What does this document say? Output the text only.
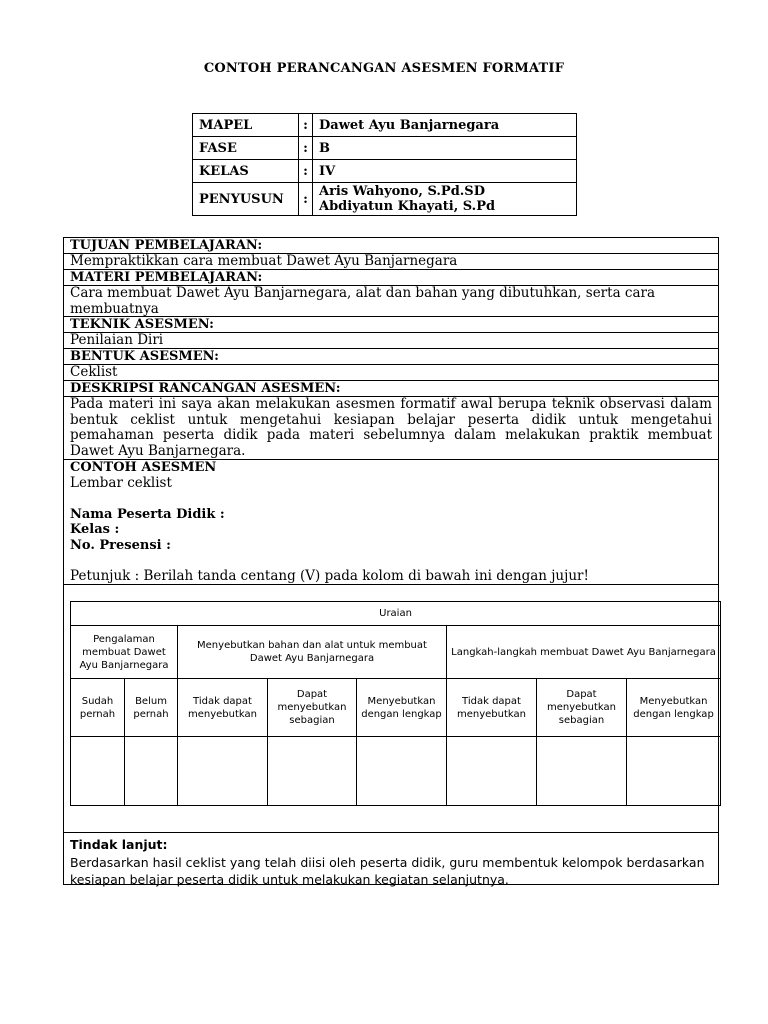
CONTOH PERANCANGAN ASESMEN FORMATIF
MAPEL	:	Dawet Ayu Banjarnegara
FASE	:	B
KELAS	:	IV
PENYUSUN	:	Aris Wahyono, S.Pd.SD
Abdiyatun Khayati, S.Pd
TUJUAN PEMBELAJARAN:
Mempraktikkan cara membuat Dawet Ayu Banjarnegara
MATERI PEMBELAJARAN:
Cara membuat Dawet Ayu Banjarnegara, alat dan bahan yang dibutuhkan, serta cara membuatnya
TEKNIK ASESMEN:
Penilaian Diri
BENTUK ASESMEN:
Ceklist
DESKRIPSI RANCANGAN ASESMEN:
Pada materi ini saya akan melakukan asesmen formatif awal berupa teknik observasi dalam bentuk ceklist untuk mengetahui kesiapan belajar peserta didik untuk mengetahui pemahaman peserta didik pada materi sebelumnya dalam melakukan praktik membuat Dawet Ayu Banjarnegara.
CONTOH ASESMEN
Lembar ceklist
Nama Peserta Didik :
Kelas :
No. Presensi :
Petunjuk : Berilah tanda centang (V) pada kolom di bawah ini dengan jujur!
Uraian							
Pengalaman membuat Dawet Ayu Banjarnegara		Menyebutkan bahan dan alat untuk membuat Dawet Ayu Banjarnegara			Langkah-langkah membuat Dawet Ayu Banjarnegara		
Sudah pernah	Belum pernah	Tidak dapat menyebutkan	Dapat menyebutkan sebagian	Menyebutkan dengan lengkap	Tidak dapat menyebutkan	Dapat menyebutkan sebagian	Menyebutkan dengan lengkap

Tindak lanjut:
Berdasarkan hasil ceklist yang telah diisi oleh peserta didik, guru membentuk kelompok berdasarkan kesiapan belajar peserta didik untuk melakukan kegiatan selanjutnya.
